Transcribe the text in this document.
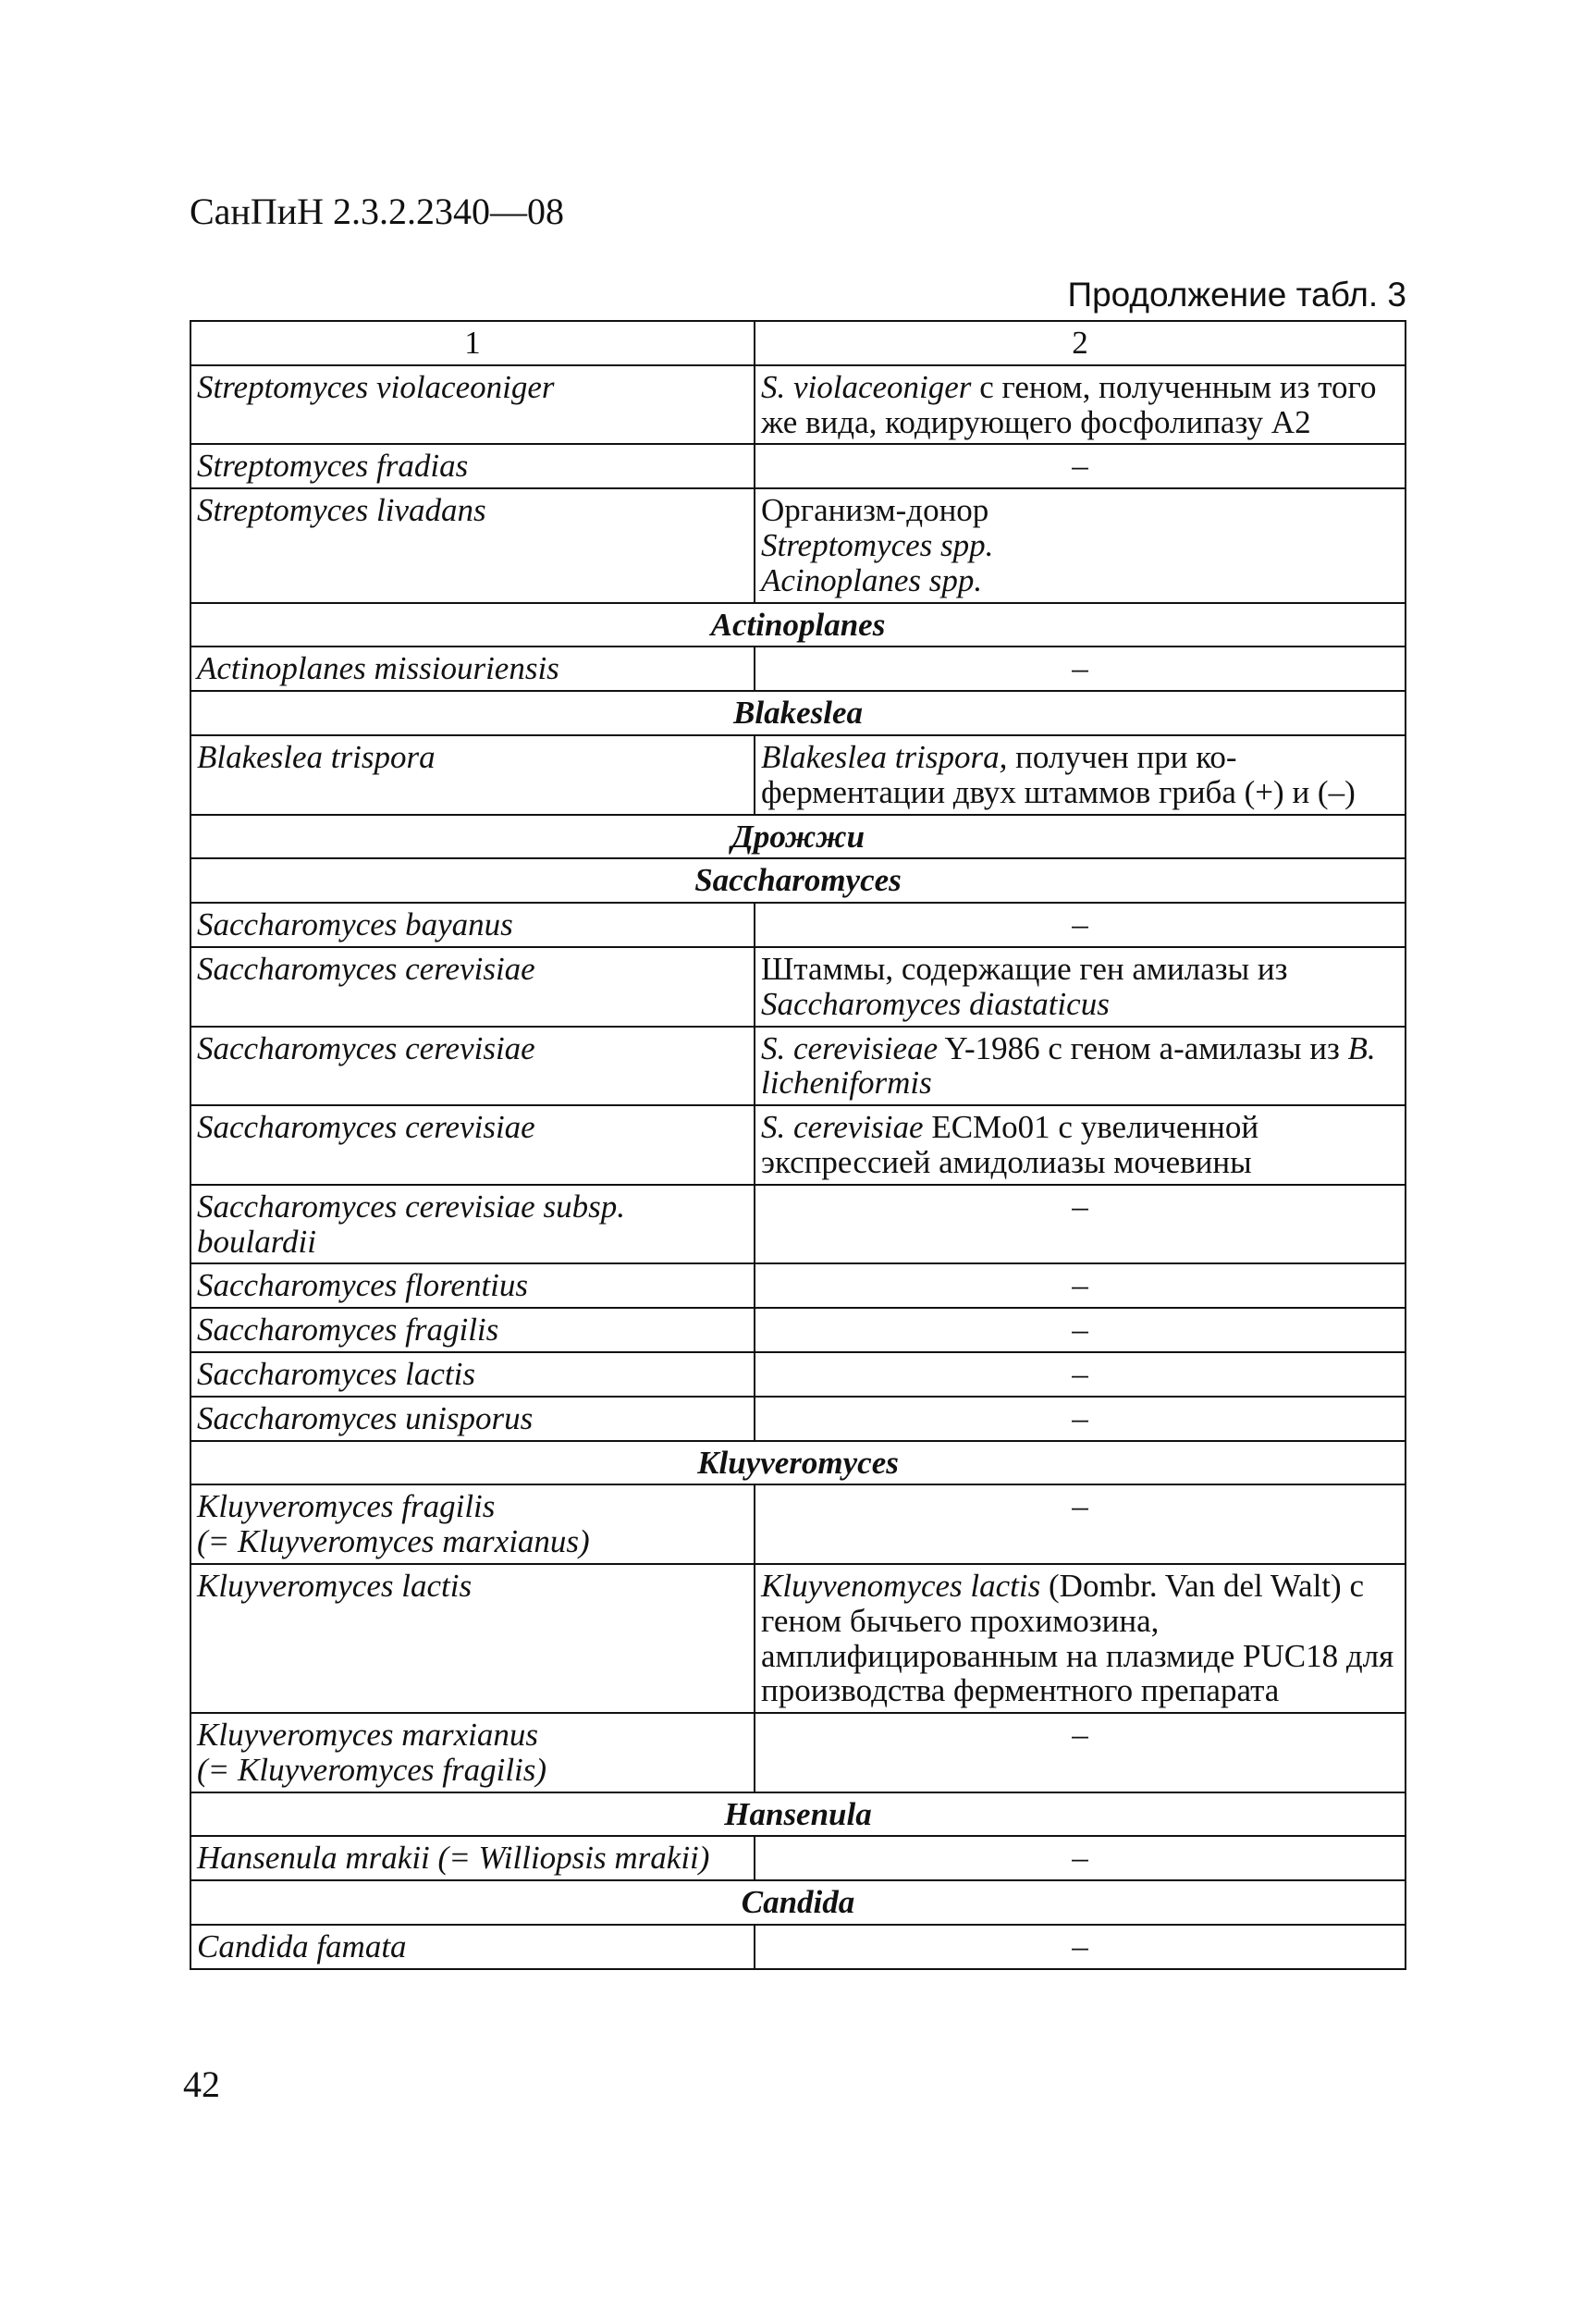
СанПиН 2.3.2.2340—08
Продолжение табл. 3
1	2
Streptomyces violaceoniger	S. violaceoniger с геном, полученным из того же вида, кодирующего фосфолипазу А2
Streptomyces fradias	–
Streptomyces livadans	Организм-донор
Streptomyces spp.
Acinoplanes spp.

Actinoplanes	
Actinoplanes missiouriensis	–
Blakeslea	
Blakeslea trispora	Blakeslea trispora, получен при ко-ферментации двух штаммов гриба (+) и (–)
Дрожжи	
Saccharomyces	
Saccharomyces bayanus	–
Saccharomyces cerevisiae	Штаммы, содержащие ген амилазы из Saccharomyces diastaticus
Saccharomyces cerevisiae	S. cerevisieae Y-1986 с геном а-амилазы из B. licheniformis
Saccharomyces cerevisiae	S. cerevisiae ECMo01 с увеличенной экспрессией амидолиазы мочевины
Saccharomyces cerevisiae subsp. boulardii	–
Saccharomyces florentius	–
Saccharomyces fragilis	–
Saccharomyces lactis	–
Saccharomyces unisporus	–
Kluyveromyces	

Kluyveromyces fragilis
(= Kluyveromyces marxianus)	–
Kluyveromyces lactis	Kluyvenomyces lactis (Dombr. Van del Walt) с геном бычьего прохимозина, амплифицированным на плазмиде PUC18 для производства ферментного препарата

Kluyveromyces marxianus
(= Kluyveromyces fragilis)	–
Hansenula	
Hansenula mrakii (= Williopsis mrakii)	–
Candida	
Candida famata	–
42
